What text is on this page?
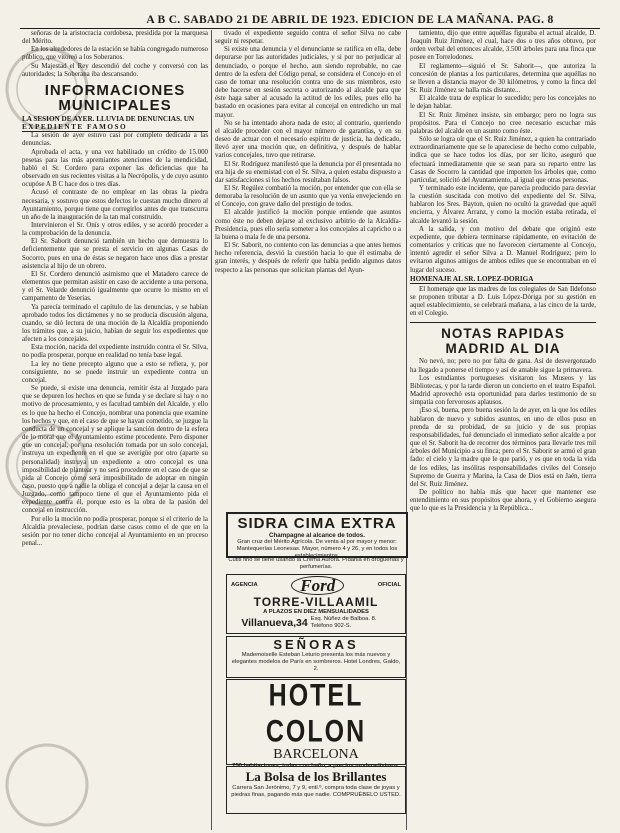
A B C. SABADO 21 DE ABRIL DE 1923. EDICION DE LA MAÑANA. PAG. 8

señoras de la aristocracia cordobesa, presidida por la marquesa del Mérito.

En los alrededores de la estación se había congregado numeroso público, que vitoreó a los Soberanos.

Su Majestad el Rey descendió del coche y conversó con las autoridades; la Soberana iba descansando.

INFORMACIONES MUNICIPALES

LA SESION DE AYER. LLUVIA DE DENUNCIAS. UN

EXPEDIENTE FAMOSO

La sesión de ayer estuvo casi por completo dedicada a las denuncias.

Aprobada el acta, y una vez habilitado un crédito de 15.000 pesetas para las más apremiantes atenciones de la mendicidad, habló el Sr. Cordero para exponer las deficiencias que ha observado en sus recientes visitas a la Necrópolis, y de cuyo asunto ocupóse A B C hace dos o tres días.

Acusó el contraste de no emplear en las obras la piedra necesaria, y sostuvo que estos defectos le cuestan mucho dinero al Ayuntamiento, porque tiene que corregirlos antes de que transcurra un año de la inauguración de la tan mal construído.

Intervinieron el Sr. Onís y otros ediles, y se acordó proceder a la comprobación de la denuncia.

El Sr. Saborit denunció también un hecho que demuestra lo deficientemente que se presta el servicio en algunas Casas de Socorro, pues en una de éstas se negaron hace unos días a prestar asistencia al hijo de un obrero.

El Sr. Cordero denunció asimismo que el Matadero carece de elementos que permitan asistir en caso de accidente a una persona, y el Sr. Velarde denunció igualmente que ocurre lo mismo en el campamento de Yeserías.

Ya parecía terminado el capítulo de las denuncias, y se habían aprobado todos los dictámenes y no se producía discusión alguna, cuando, se dió lectura de una moción de la Alcaldía proponiendo los trámites que, a su juicio, habían de seguir los expedientes que afecten a los concejales.

Esta moción, nacida del expediente instruído contra el Sr. Silva, no podía prosperar, porque en realidad no tenía base legal.

La ley no tiene precepto alguno que a esto se refiera, y, por consiguiente, no se puede instruir un expediente contra un concejal.

Se puede, si existe una denuncia, remitir ésta al Juzgado para que se depuren los hechos en que se funda y se declare si hay o no motivo de procesamiento, y es facultad también del Alcalde, y ello es lo que ha hecho el Concejo, nombrar una ponencia que examine los hechos y que, en el caso de que se hayan cometido, se juzgue la conducta de un concejal y se aplique la sanción dentro de la esfera de lo moral que el Ayuntamiento estime procedente. Pero disponer que un concejal, por una resolución tomada por un solo concejal, instruya un expediente en el que se averigüe por otro (aparte su personalidad) instruya un expediente a otro concejal es una imposibilidad de plantear y no será procedente en el caso de que se pida al Concejo como será imposibilitado de adoptar en ningún caso, puesto que a nadie la obliga el concejal a dejar la causa en el Juzgado, como tampoco tiene el que el Ayuntamiento pida el expediente contra él, porque esto es la obra de la pasión del concejal en instrucción.

Por ello la moción no podía prosperar, porque si el criterio de la Alcaldía prevaleciese, podrían darse casos como el de que en la sesión por no tener dicho concejal al Ayuntamiento en un proceso penal...

tivado el expediente seguido contra el señor Silva no cabe seguir ni respetar.

Si existe una denuncia y el denunciante se ratifica en ella, debe depurarse por las autoridades judiciales, y si por no perjudicar al denunciado, o porque el hecho, aun siendo reprobable, no cae dentro de la esfera del Código penal, se considera el Concejo en el caso de tomar una resolución contra uno de sus miembros, esto debe hacerse en sesión secreta o autorizando al alcalde para que éste haga saber al acusado la actitud de los ediles, pues ello ha bastado en ocasiones para evitar al concejal en entredicho un mal mayor.

No se ha intentado ahora nada de esto; al contrario, queriendo el alcalde proceder con el mayor número de garantías, y en su deseo de actuar con el necesario espíritu de justicia, ha dedicado, llevó ayer una moción que, en definitiva, y después de hablar varios concejales, tuvo que retirarse.

El Sr. Rodríguez manifestó que la denuncia por él presentada no era hija de su enemistad con el Sr. Silva, a quien estaba dispuesto a dar satisfacciones si los hechos resultaban falsos.

El Sr. Regúlez combatió la moción, por entender que con ella se demoraba la resolución de un asunto que ya venía envejeciendo en el Concejo, con grave daño del prestigio de todos.

El alcalde justificó la moción porque entiende que asuntos como éste no deben dejarse al exclusivo arbitrio de la Alcaldía-Presidencia, pues ello sería someter a los concejales al capricho o a la buena o mala fe de una persona.

El Sr. Saborit, no contento con las denuncias a que antes hemos hecho referencia, desvió la cuestión hacia lo que él estimaba de gran interés, y después de referir que había pedido algunos datos respecto a las personas que solicitan plantas del Ayun-

SIDRA CIMA EXTRA
Champagne al alcance de todos.
Gran cruz del Mérito Agrícola. De venta al por mayor y menor: Mantequerías Leonesas. Mayor, número 4 y 26, y en todos los establecimientos.
Cutis fino se tiene usando la Crema Aurora. Pídanla en droguerías y perfumerías.
AGENCIA	Ford	OFICIAL
TORRE-VILLAAMIL
A PLAZOS EN DIEZ MENSUALIDADES
Villanueva,34 Esq. Núñez de Balboa. 8. Teléfono 902-S.
SEÑORAS
Mademoiselle Esteban Leturio presenta los más nuevos y elegantes modelos de París en sombreros. Hotel Londres, Galdo, 2.
HOTEL COLON
BARCELONA
250 habitaciones, todas con baño, a precios moderadísimos.
La Bolsa de los Brillantes
Carrera San Jerónimo, 7 y 9, entl.º, compra toda clase de joyas y piedras finas, pagando más que nadie. COMPRUÉBELO USTED.

tamiento, dijo que entre aquéllas figuraba el actual alcalde, D. Joaquín Ruiz Jiménez, el cual, hace dos o tres años obtuvo, por orden verbal del entonces alcalde, 3.500 árboles para una finca que posee en Torrelodones.

El reglamento—siguió el Sr. Saborit—, que autoriza la concesión de plantas a los particulares, determina que aquéllas no se lleven a distancia mayor de 30 kilómetros, y como la finca del Sr. Ruiz Jiménez se halla más distante...

El alcalde trata de explicar lo sucedido; pero los concejales no le dejan hablar.

El Sr. Ruiz Jiménez insiste, sin embargo; pero no logra sus propósitos. Para el Concejo no cree necesario escuchar más palabras del alcalde en un asunto como éste.

Sólo se logra oír que el Sr. Ruiz Jiménez, a quien ha contrariado extraordinariamente que se le apareciese de hecho como culpable, indica que se hace todos los días, por ser lícito, aseguró que efectuará inmediatamente que se sean para su reparto entre las Casas de Socorro la cantidad que importen los árboles que, como particular, solicitó del Ayuntamiento, al igual que otras personas.

Y terminado este incidente, que parecía producido para desviar la cuestión suscitada con motivo del expediente del Sr. Silva, hablaron los Sres. Bayton, quien no ocultó la gravedad que aquél encierra, y Álvarez Arranz, y como la moción estaba retirada, el alcalde levantó la sesión.

A la salida, y con motivo del debate que originó este expediente, que debiera terminarse rápidamente, en evitación de comentarios y críticas que no favorecen ciertamente al Concejo, intentó agredir el señor Silva a D. Manuel Rodríguez; pero lo evitaron algunos amigos de ambos ediles que se encontraban en el lugar del suceso.

HOMENAJE AL SR. LOPEZ-DORIGA

El homenaje que las madres de los colegiales de San Ildefonso se proponen tributar a D. Luis López-Dóriga por su gestión en aquel establecimiento, se celebrará mañana, a las cinco de la tarde, en el Colegio.

NOTAS RAPIDAS MADRID AL DIA

No nevó, no; pero no por falta de gana. Así de desvergonzado ha llegado a ponerse el tiempo y así de amable sigue la primavera.

Los estudiantes portugueses visitaron los Museos y las Bibliotecas, y por la tarde dieron un concierto en el teatro Español. Madrid aprovechó esta oportunidad para darles testimonio de su simpatía con fervorosos aplausos.

¡Eso sí, buena, pero buena sesión la de ayer, en la que los ediles hablaron de nuevo y subidos asuntos, en uno de ellos puso en prenda de su probidad, de su juicio y de sus propias responsabilidades, fué denunciado el inmediato señor alcalde a por que el Sr. Saborit ha de recorrer dos términos para llevarle tres mil árboles del Municipio a su finca; pero el Sr. Saborit se armó el gran fado: el cielo y la madre que le que parió, y es que en toda la vida de los ediles, las insólitas responsabilidades civiles del Consejo Supremo de Guerra y Marina, la Casa de Dios está en Jaén, tierra del Sr. Ruiz Jiménez.

De político no había más que hacer que mantener ese entendimiento en sus propósitos que ahora, y el Gobierno asegura que lo que es la Presidencia y la República...
